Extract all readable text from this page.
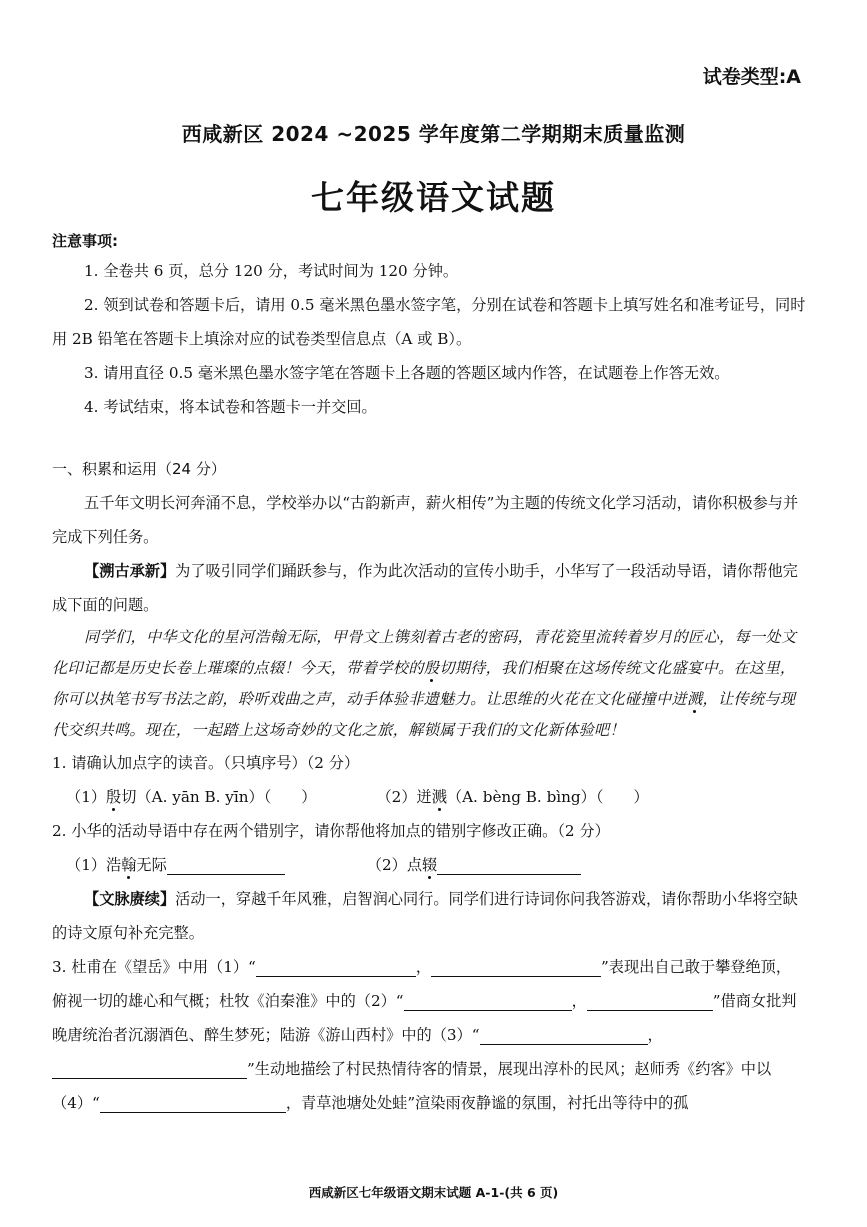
试卷类型:A
西咸新区 2024 ~2025 学年度第二学期期末质量监测
七年级语文试题
注意事项:

1. 全卷共 6 页，总分 120 分，考试时间为 120 分钟。

2. 领到试卷和答题卡后，请用 0.5 毫米黑色墨水签字笔，分别在试卷和答题卡上填写姓名和准考证号，同时用 2B 铅笔在答题卡上填涂对应的试卷类型信息点（A 或 B）。

3. 请用直径 0.5 毫米黑色墨水签字笔在答题卡上各题的答题区域内作答，在试题卷上作答无效。

4. 考试结束，将本试卷和答题卡一并交回。

一、积累和运用（24 分）

五千年文明长河奔涌不息，学校举办以“古韵新声，薪火相传”为主题的传统文化学习活动，请你积极参与并完成下列任务。

【溯古承新】为了吸引同学们踊跃参与，作为此次活动的宣传小助手，小华写了一段活动导语，请你帮他完成下面的问题。

同学们，中华文化的星河浩翰无际，甲骨文上镌刻着古老的密码，青花瓷里流转着岁月的匠心，每一处文化印记都是历史长卷上璀璨的点辍！今天，带着学校的殷切期待，我们相聚在这场传统文化盛宴中。在这里，你可以执笔书写书法之韵，聆听戏曲之声，动手体验非遗魅力。让思维的火花在文化碰撞中迸溅，让传统与现代交织共鸣。现在，一起踏上这场奇妙的文化之旅，解锁属于我们的文化新体验吧！

1. 请确认加点字的读音。（只填序号）（2 分）

（1）殷切（A. yān B. yīn）（ ）	（2）迸溅（A. bèng B. bìng）（ ）

2. 小华的活动导语中存在两个错别字，请你帮他将加点的错别字修改正确。（2 分）

（1）浩翰无际	（2）点辍

【文脉赓续】活动一，穿越千年风雅，启智润心同行。同学们进行诗词你问我答游戏，请你帮助小华将空缺的诗文原句补充完整。

3. 杜甫在《望岳》中用（1）“	，	”表现出自己敢于攀登绝顶，俯视一切的雄心和气概；杜牧《泊秦淮》中的（2）“	，	”借商女批判晚唐统治者沉溺酒色、醉生梦死；陆游《游山西村》中的（3）“	，”生动地描绘了村民热情待客的情景，展现出淳朴的民风；赵师秀《约客》中以（4）“	，青草池塘处处蛙”渲染雨夜静谧的氛围，衬托出等待中的孤

西咸新区七年级语文期末试题 A-1-(共 6 页)
